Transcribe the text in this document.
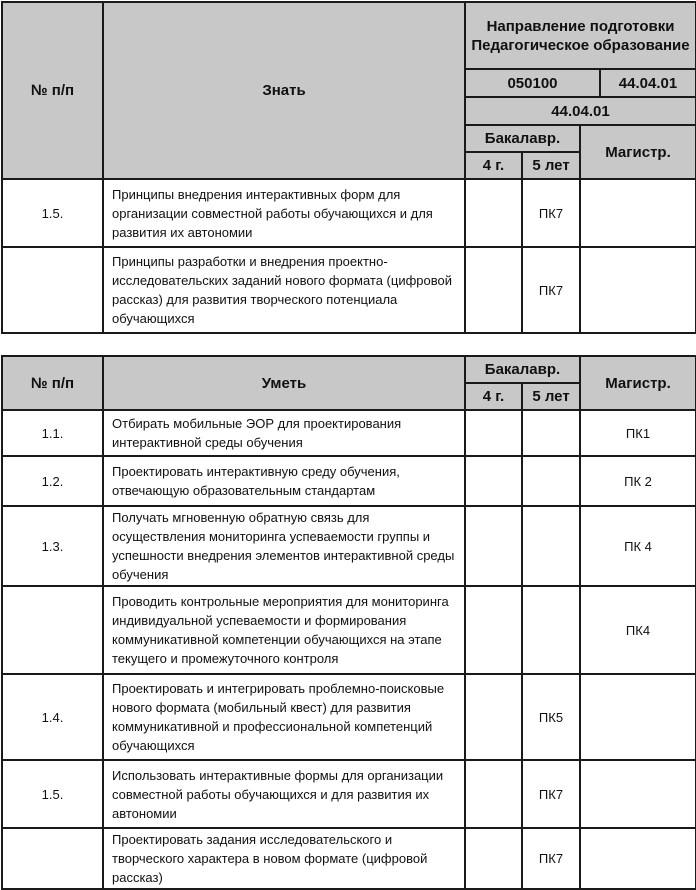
№ п/п	Знать	Направление подготовки Педагогическое образование			
		050100			44.04.01
		44.04.01			
		Бакалавр.		Магистр.	
		4 г.	5 лет		
1.5.	Принципы внедрения интерактивных форм для организации совместной работы обучающихся и для развития их автономии		ПК7		
	Принципы разработки и внедрения проектно-исследовательских заданий нового формата (цифровой рассказ) для развития творческого потенциала обучающихся		ПК7		
№ п/п	Уметь	Бакалавр.		Магистр.
		4 г.	5 лет	
1.1.	Отбирать мобильные ЭОР для проектирования интерактивной среды обучения			ПК1
1.2.	Проектировать интерактивную среду обучения, отвечающую образовательным стандартам			ПК 2
1.3.	Получать мгновенную обратную связь для осуществления мониторинга успеваемости группы и успешности внедрения элементов интерактивной среды обучения			ПК 4
	Проводить контрольные мероприятия для мониторинга индивидуальной успеваемости и формирования коммуникативной компетенции обучающихся на этапе текущего и промежуточного контроля			ПК4
1.4.	Проектировать и интегрировать проблемно-поисковые нового формата (мобильный квест) для развития коммуникативной и профессиональной компетенций обучающихся		ПК5	
1.5.	Использовать интерактивные формы для организации совместной работы обучающихся и для развития их автономии		ПК7	
	Проектировать задания исследовательского и творческого характера в новом формате (цифровой рассказ)		ПК7	
